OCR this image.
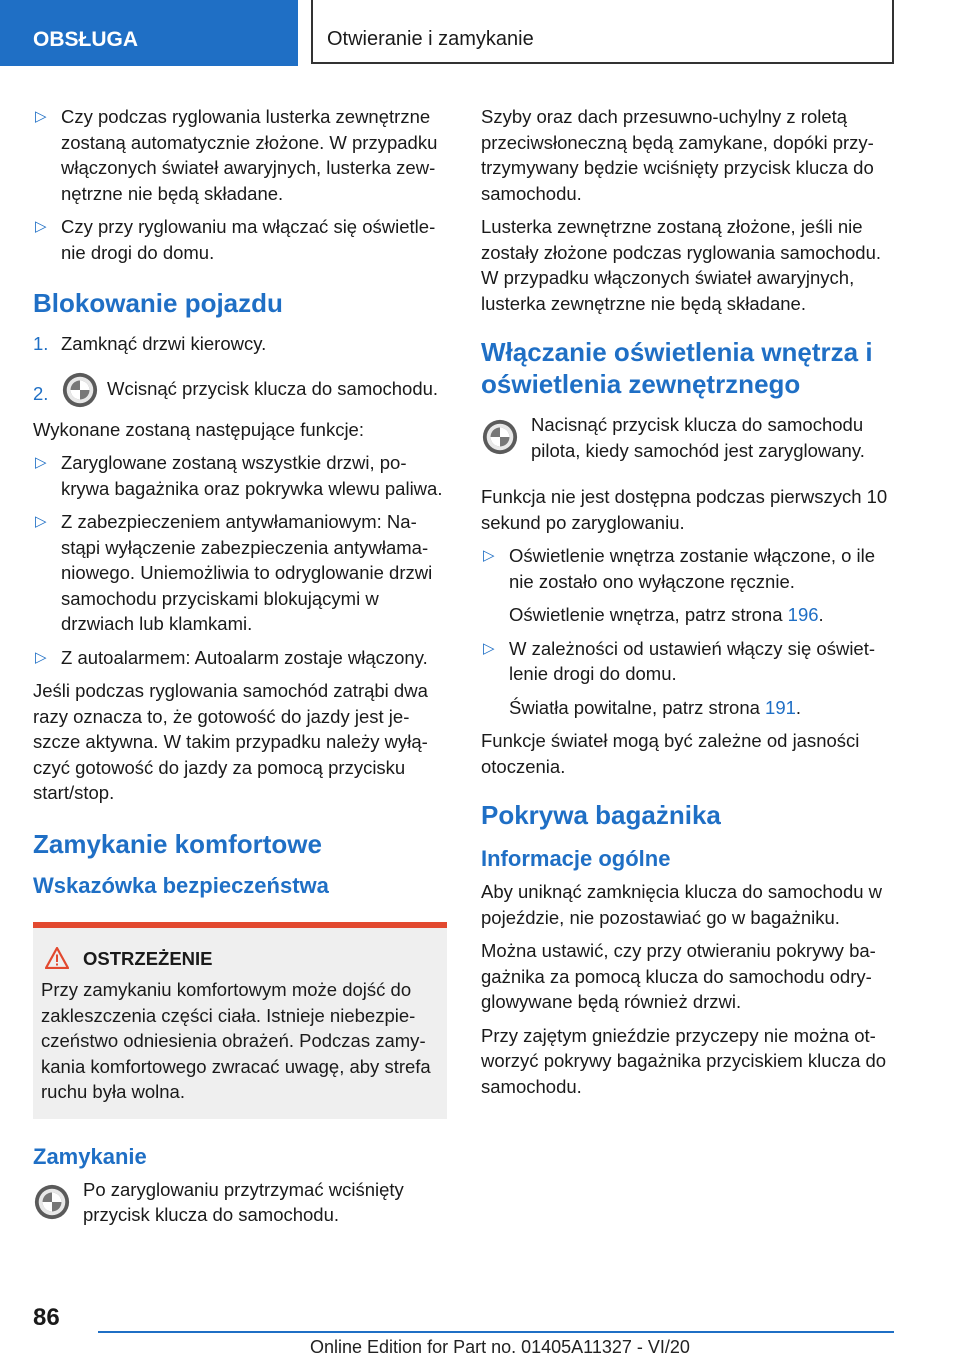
OBSŁUGA	Otwieranie i zamykanie
▷ Czy podczas ryglowania lusterka zewnętrzne zostaną automatycznie złożone. W przypadku włączonych świateł awaryjnych, lusterka zewnętrzne nie będą składane.
▷ Czy przy ryglowaniu ma włączać się oświetlenie drogi do domu.
Blokowanie pojazdu
1. Zamknąć drzwi kierowcy.
2.	Wcisnąć przycisk klucza do samochodu.

Wykonane zostaną następujące funkcje:

▷ Zaryglowane zostaną wszystkie drzwi, pokrywa bagażnika oraz pokrywka wlewu paliwa.
▷ Z zabezpieczeniem antywłamaniowym: Nastąpi wyłączenie zabezpieczenia antywłamaniowego. Uniemożliwia to odryglowanie drzwi samochodu przyciskami blokującymi w drzwiach lub klamkami.
▷ Z autoalarmem: Autoalarm zostaje włączony.

Jeśli podczas ryglowania samochód zatrąbi dwa razy oznacza to, że gotowość do jazdy jest jeszcze aktywna. W takim przypadku należy wyłączyć gotowość do jazdy za pomocą przycisku start/stop.

Zamykanie komfortowe
Wskazówka bezpieczeństwa
OSTRZEŻENIE
Przy zamykaniu komfortowym może dojść do zakleszczenia części ciała. Istnieje niebezpieczeństwo odniesienia obrażeń. Podczas zamykania komfortowego zwracać uwagę, aby strefa ruchu była wolna.
Zamykanie
Po zaryglowaniu przytrzymać wciśnięty przycisk klucza do samochodu.

Szyby oraz dach przesuwno-uchylny z roletą przeciwsłoneczną będą zamykane, dopóki przytrzymywany będzie wciśnięty przycisk klucza do samochodu.

Lusterka zewnętrzne zostaną złożone, jeśli nie zostały złożone podczas ryglowania samochodu. W przypadku włączonych świateł awaryjnych, lusterka zewnętrzne nie będą składane.

Włączanie oświetlenia wnętrza i oświetlenia zewnętrznego
Nacisnąć przycisk klucza do samochodu pilota, kiedy samochód jest zaryglowany.

Funkcja nie jest dostępna podczas pierwszych 10 sekund po zaryglowaniu.

▷ Oświetlenie wnętrza zostanie włączone, o ile nie zostało ono wyłączone ręcznie.
Oświetlenie wnętrza, patrz strona 196.
▷ W zależności od ustawień włączy się oświetlenie drogi do domu.
Światła powitalne, patrz strona 191.

Funkcje świateł mogą być zależne od jasności otoczenia.

Pokrywa bagażnika
Informacje ogólne

Aby uniknąć zamknięcia klucza do samochodu w pojeździe, nie pozostawiać go w bagażniku.

Można ustawić, czy przy otwieraniu pokrywy bagażnika za pomocą klucza do samochodu odryglowywane będą również drzwi.

Przy zajętym gnieździe przyczepy nie można otworzyć pokrywy bagażnika przyciskiem klucza do samochodu.

86
Online Edition for Part no. 01405A11327 - VI/20
